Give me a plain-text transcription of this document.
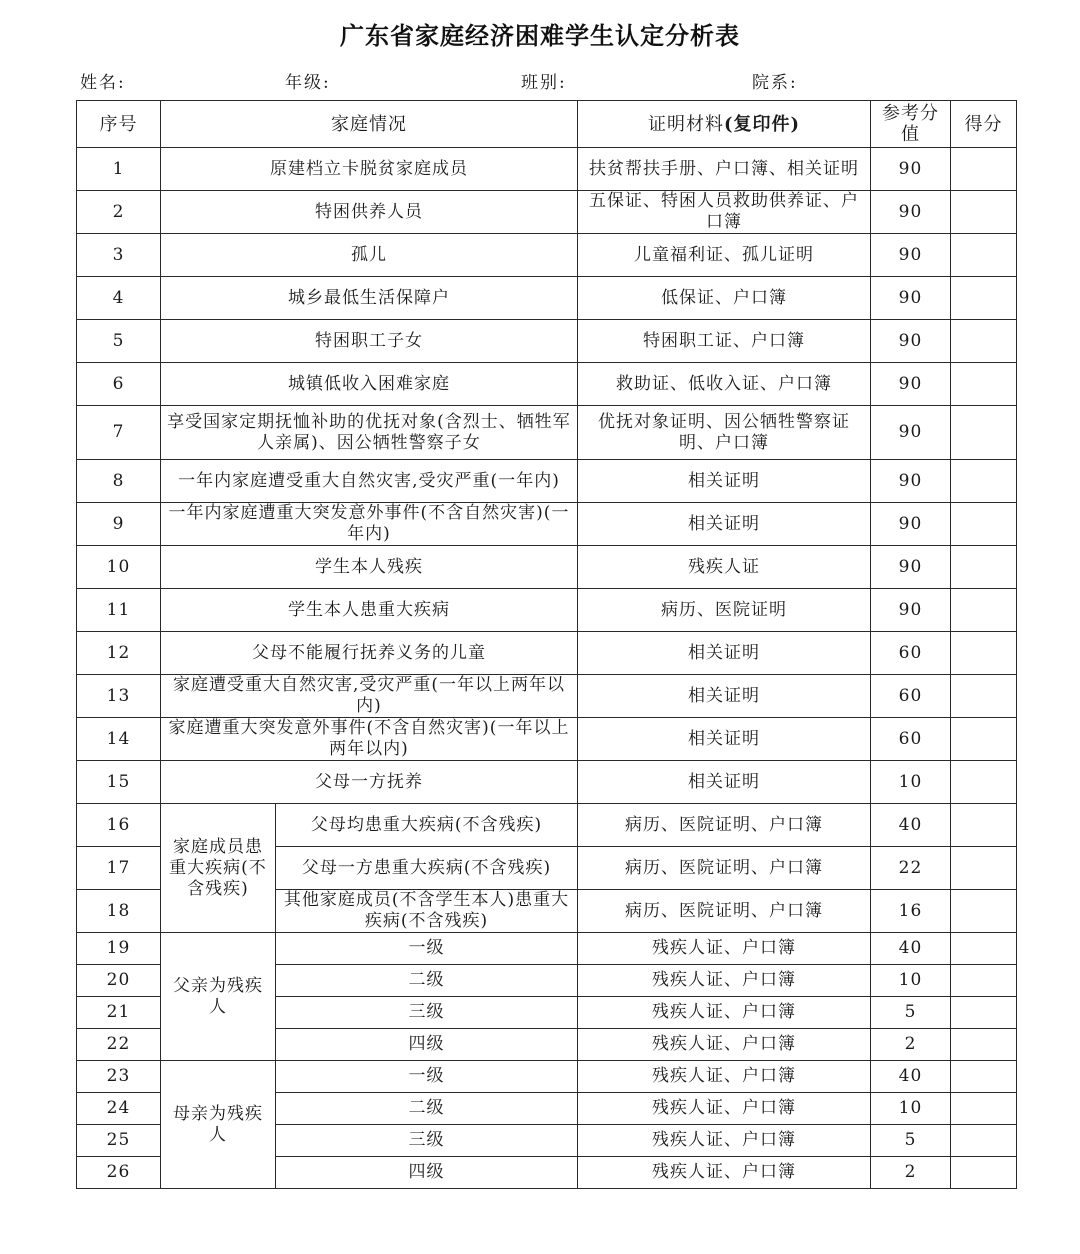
广东省家庭经济困难学生认定分析表
姓名:	年级:	班别:	院系:
序号	家庭情况		证明材料(复印件)	参考分值	得分
1	原建档立卡脱贫家庭成员		扶贫帮扶手册、户口簿、相关证明	90	
2	特困供养人员		五保证、特困人员救助供养证、户口簿	90	
3	孤儿		儿童福利证、孤儿证明	90	
4	城乡最低生活保障户		低保证、户口簿	90	
5	特困职工子女		特困职工证、户口簿	90	
6	城镇低收入困难家庭		救助证、低收入证、户口簿	90	
7	享受国家定期抚恤补助的优抚对象(含烈士、牺牲军人亲属)、因公牺牲警察子女		优抚对象证明、因公牺牲警察证明、户口簿	90	
8	一年内家庭遭受重大自然灾害,受灾严重(一年内)		相关证明	90	
9	一年内家庭遭重大突发意外事件(不含自然灾害)(一年内)		相关证明	90	
10	学生本人残疾		残疾人证	90	
11	学生本人患重大疾病		病历、医院证明	90	
12	父母不能履行抚养义务的儿童		相关证明	60	
13	家庭遭受重大自然灾害,受灾严重(一年以上两年以内)		相关证明	60	
14	家庭遭重大突发意外事件(不含自然灾害)(一年以上两年以内)		相关证明	60	
15	父母一方抚养		相关证明	10	
16	家庭成员患重大疾病(不含残疾)	父母均患重大疾病(不含残疾)	病历、医院证明、户口簿	40	
17		父母一方患重大疾病(不含残疾)	病历、医院证明、户口簿	22	
18		其他家庭成员(不含学生本人)患重大疾病(不含残疾)	病历、医院证明、户口簿	16	
19	父亲为残疾人	一级	残疾人证、户口簿	40	
20		二级	残疾人证、户口簿	10	
21		三级	残疾人证、户口簿	5	
22		四级	残疾人证、户口簿	2	
23	母亲为残疾人	一级	残疾人证、户口簿	40	
24		二级	残疾人证、户口簿	10	
25		三级	残疾人证、户口簿	5	
26		四级	残疾人证、户口簿	2	
